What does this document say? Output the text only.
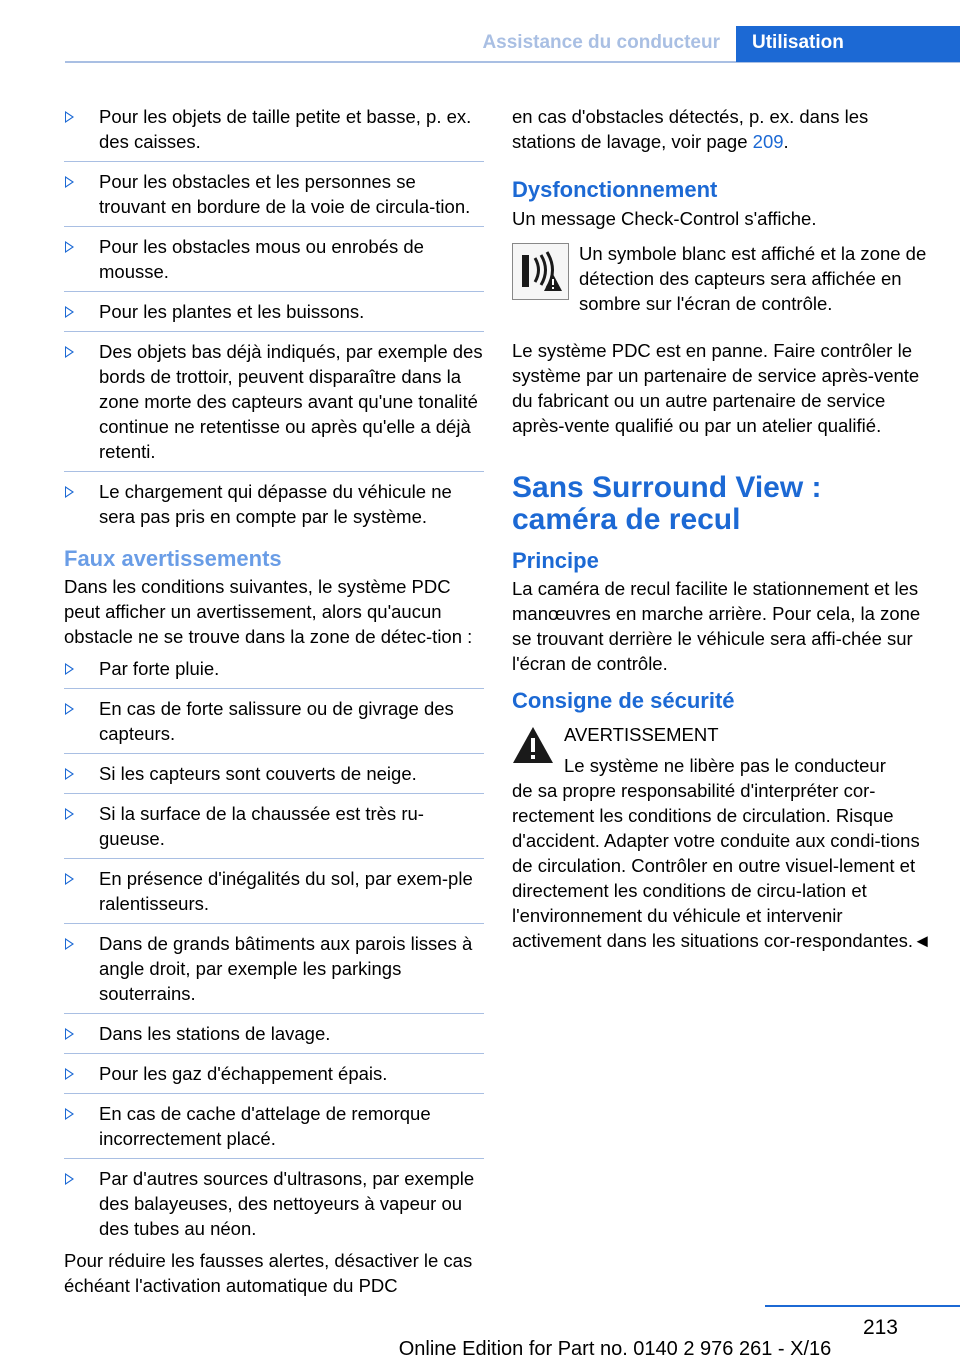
Assistance du conducteur Utilisation

Pour les objets de taille petite et basse, p. ex. des caisses.

Pour les obstacles et les personnes se trouvant en bordure de la voie de circula-tion.

Pour les obstacles mous ou enrobés de mousse.

Pour les plantes et les buissons.

Des objets bas déjà indiqués, par exemple des bords de trottoir, peuvent disparaître dans la zone morte des capteurs avant qu'une tonalité continue ne retentisse ou après qu'elle a déjà retenti.

Le chargement qui dépasse du véhicule ne sera pas pris en compte par le système.

Faux avertissements

Dans les conditions suivantes, le système PDC peut afficher un avertissement, alors qu'aucun obstacle ne se trouve dans la zone de détec-tion :

Par forte pluie.

En cas de forte salissure ou de givrage des capteurs.

Si les capteurs sont couverts de neige.

Si la surface de la chaussée est très ru-gueuse.

En présence d'inégalités du sol, par exem-ple ralentisseurs.

Dans de grands bâtiments aux parois lisses à angle droit, par exemple les parkings souterrains.

Dans les stations de lavage.

Pour les gaz d'échappement épais.

En cas de cache d'attelage de remorque incorrectement placé.

Par d'autres sources d'ultrasons, par exemple des balayeuses, des nettoyeurs à vapeur ou des tubes au néon.

Pour réduire les fausses alertes, désactiver le cas échéant l'activation automatique du PDC

en cas d'obstacles détectés, p. ex. dans les stations de lavage, voir page 209.

Dysfonctionnement

Un message Check-Control s'affiche.

Un symbole blanc est affiché et la zone de détection des capteurs sera affichée en sombre sur l'écran de contrôle.

Le système PDC est en panne. Faire contrôler le système par un partenaire de service après-vente du fabricant ou un autre partenaire de service après-vente qualifié ou par un atelier qualifié.

Sans Surround View :
caméra de recul

Principe

La caméra de recul facilite le stationnement et les manœuvres en marche arrière. Pour cela, la zone se trouvant derrière le véhicule sera affi-chée sur l'écran de contrôle.

Consigne de sécurité

AVERTISSEMENT

Le système ne libère pas le conducteur

de sa propre responsabilité d'interpréter cor-rectement les conditions de circulation. Risque d'accident. Adapter votre conduite aux condi-tions de circulation. Contrôler en outre visuel-lement et directement les conditions de circu-lation et l'environnement du véhicule et intervenir activement dans les situations cor-respondantes.◄

213
Online Edition for Part no. 0140 2 976 261 - X/16
